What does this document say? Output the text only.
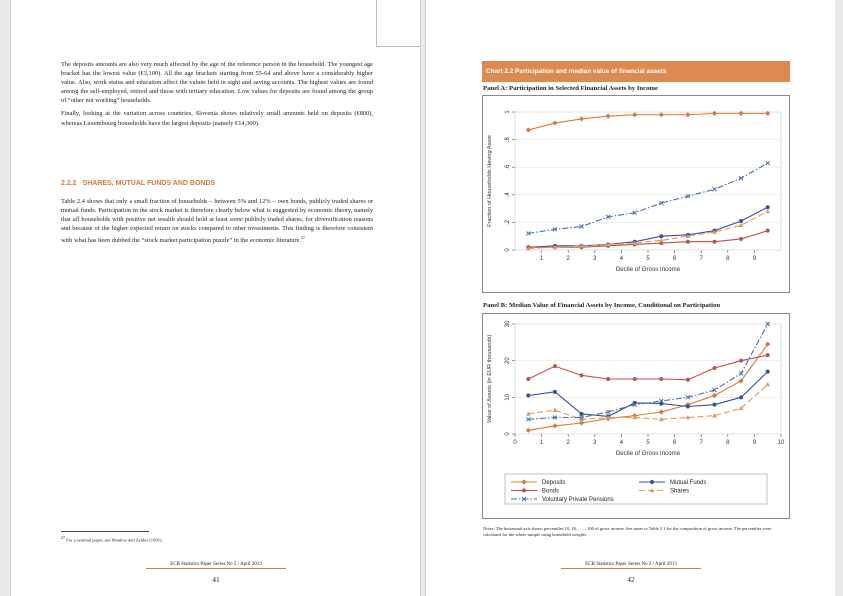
The deposits amounts are also very much affected by the age of the reference person in the household. The youngest age bracket has the lowest value (€3,100). All the age brackets starting from 55-64 and above have a considerably higher value. Also, work status and education affect the values held in sight and saving accounts. The highest values are found among the self-employed, retired and those with tertiary education. Low values for deposits are found among the group of “other not working” households.

Finally, looking at the variation across countries, Slovenia shows relatively small amounts held on deposits (€800), whereas Luxembourg households have the largest deposits (namely €14,300).

2.2.2 SHARES, MUTUAL FUNDS AND BONDS

Table 2.4 shows that only a small fraction of households – between 5% and 12% – own bonds, publicly traded shares or mutual funds. Participation in the stock market is therefore clearly below what is suggested by economic theory, namely that all households with positive net wealth should hold at least some publicly traded shares, for diversification reasons and because of the higher expected return on stocks compared to other investments. This finding is therefore consistent with what has been dubbed the “stock market participation puzzle” in the economic literature.$^{27}$

27 For a seminal paper, see Mankiw and Zeldes (1991).
ECB Statistics Paper Series No 2 / April 2013
41
Chart 2.2 Participation and median value of financial assets
Panel A: Participation in Selected Financial Assets by Income
0
.2
.4
.6
.8
1
1	2	3	4	5	6	7	8	9
Decile of Gross Income
Fraction of Households Having Asset
Panel B: Median Value of Financial Assets by Income, Conditional on Participation
0
10
20
30
0	1	2	3	4	5	6	7	8	9	10
Decile of Gross Income
Value of Assets (in EUR thousands)
Deposits	Mutual Funds
Bonds	Shares
Voluntary Private Pensions

Notes: The horizontal axis shows percentiles 10, 20, . . . , 100 of gross income. See notes to Table 5.1 for the composition of gross income. The percentiles were calculated for the whole sample using household weights.

ECB Statistics Paper Series No 2 / April 2013
42
